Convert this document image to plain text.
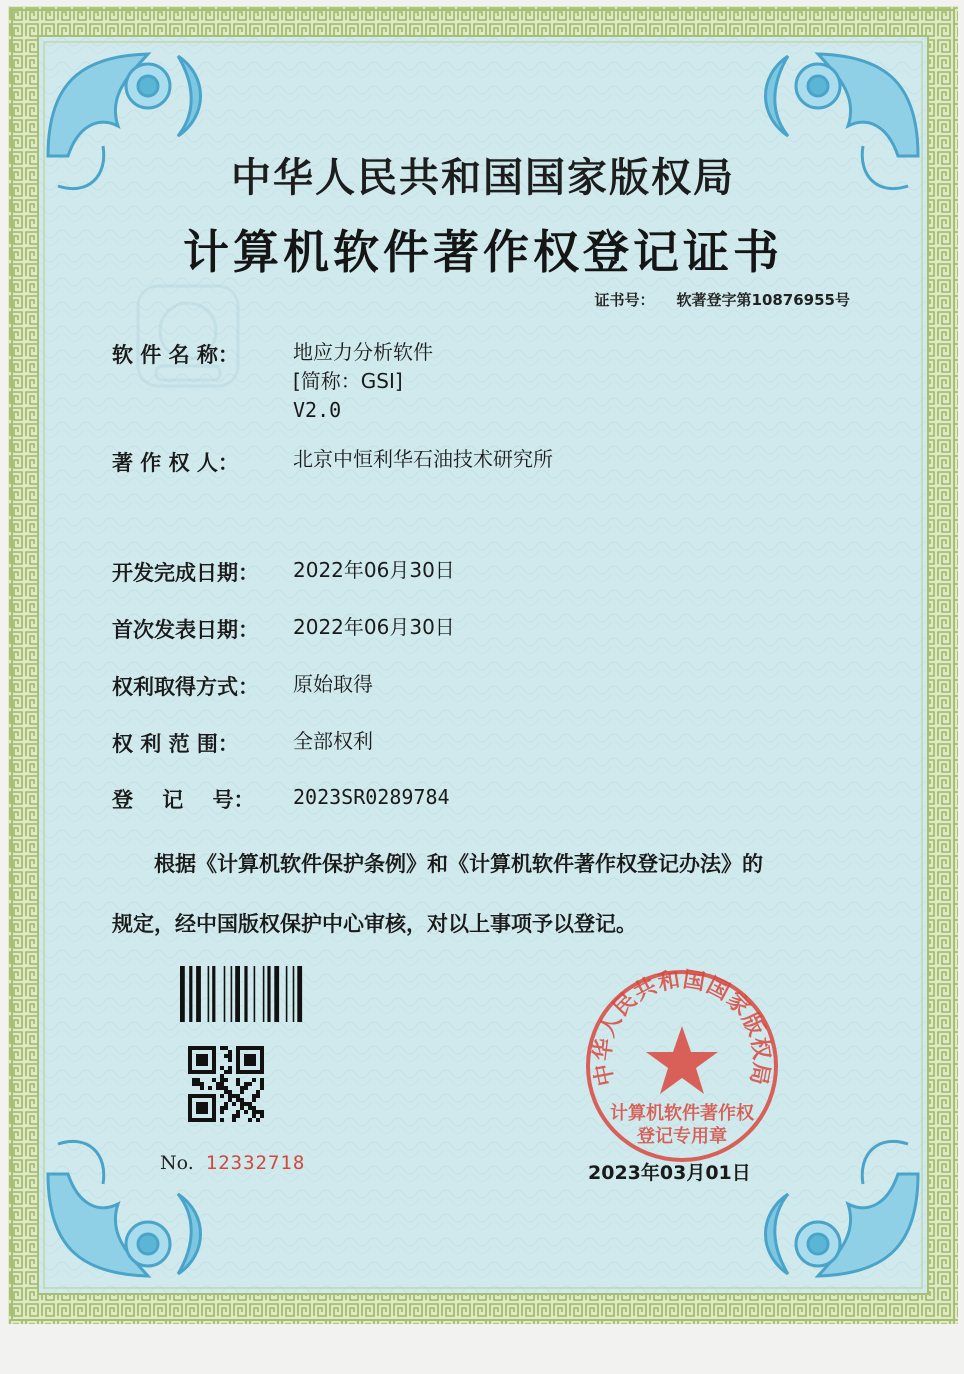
中华人民共和国国家版权局
计算机软件著作权登记证书
证书号： 软著登字第10876955号
软 件 名 称：	地应力分析软件
[简称：GSI]
V2.0
著 作 权 人：	北京中恒利华石油技术研究所
开发完成日期：	2022年06月30日
首次发表日期：	2022年06月30日
权利取得方式：	原始取得
权 利 范 围：	全部权利
登    记    号：	2023SR0289784
根据《计算机软件保护条例》和《计算机软件著作权登记办法》的
规定，经中国版权保护中心审核，对以上事项予以登记。
中华人民共和国国家版权局
计算机软件著作权
登记专用章
No. 12332718	2023年03月01日
